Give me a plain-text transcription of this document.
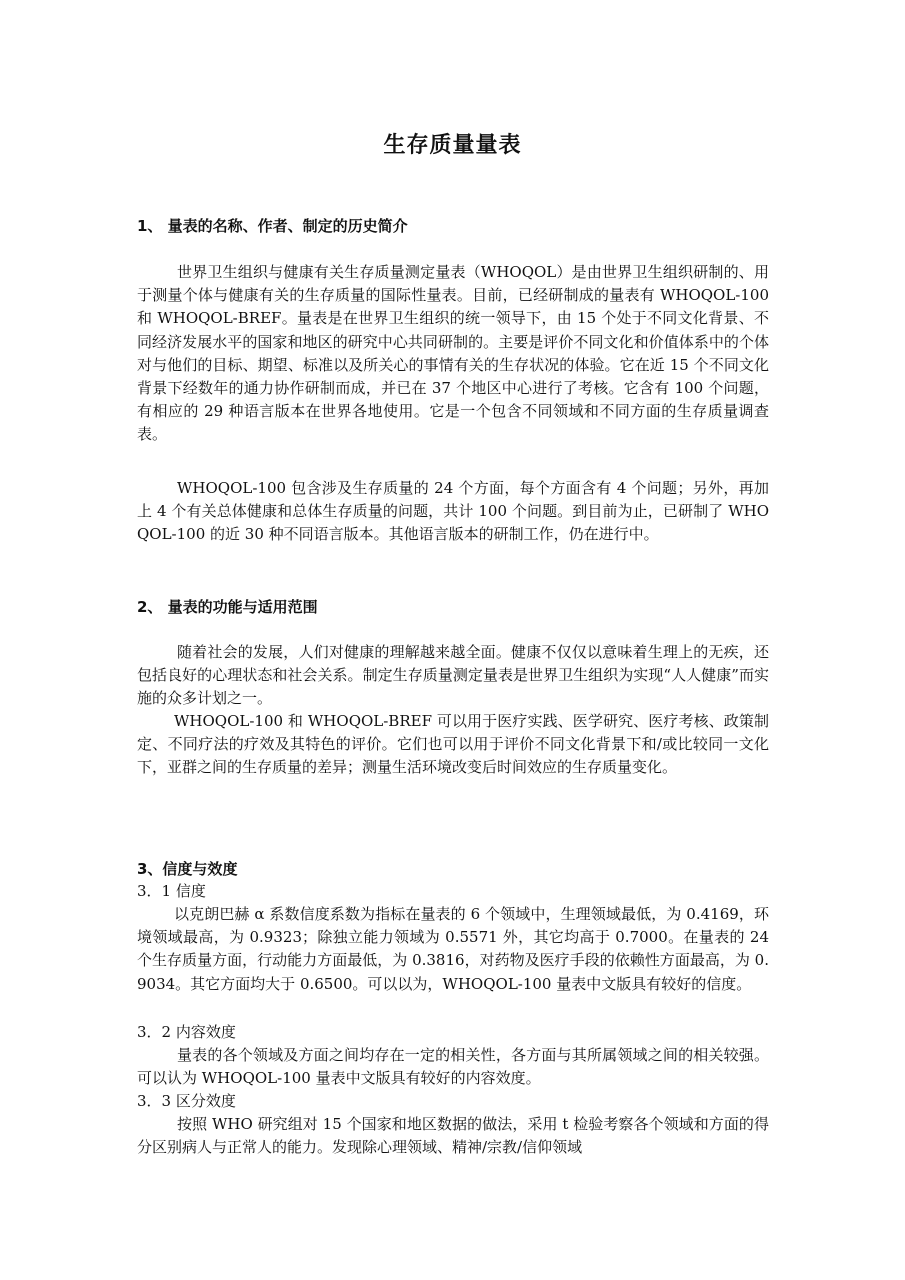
生存质量量表
1、 量表的名称、作者、制定的历史简介
世界卫生组织与健康有关生存质量测定量表（WHOQOL）是由世界卫生组织研制的、用于测量个体与健康有关的生存质量的国际性量表。目前，已经研制成的量表有 WHOQOL-100 和 WHOQOL-BREF。量表是在世界卫生组织的统一领导下，由 15 个处于不同文化背景、不同经济发展水平的国家和地区的研究中心共同研制的。主要是评价不同文化和价值体系中的个体对与他们的目标、期望、标准以及所关心的事情有关的生存状况的体验。它在近 15 个不同文化背景下经数年的通力协作研制而成，并已在 37 个地区中心进行了考核。它含有 100 个问题，有相应的 29 种语言版本在世界各地使用。它是一个包含不同领域和不同方面的生存质量调查表。
WHOQOL-100 包含涉及生存质量的 24 个方面，每个方面含有 4 个问题；另外，再加上 4 个有关总体健康和总体生存质量的问题，共计 100 个问题。到目前为止，已研制了 WHOQOL-100 的近 30 种不同语言版本。其他语言版本的研制工作，仍在进行中。
2、 量表的功能与适用范围
随着社会的发展，人们对健康的理解越来越全面。健康不仅仅以意味着生理上的无疾，还包括良好的心理状态和社会关系。制定生存质量测定量表是世界卫生组织为实现“人人健康”而实施的众多计划之一。
WHOQOL-100 和 WHOQOL-BREF 可以用于医疗实践、医学研究、医疗考核、政策制定、不同疗法的疗效及其特色的评价。它们也可以用于评价不同文化背景下和/或比较同一文化下，亚群之间的生存质量的差异；测量生活环境改变后时间效应的生存质量变化。
3、信度与效度
3．1 信度
以克朗巴赫 α 系数信度系数为指标在量表的 6 个领域中，生理领域最低，为 0.4169，环境领域最高，为 0.9323；除独立能力领域为 0.5571 外，其它均高于 0.7000。在量表的 24 个生存质量方面，行动能力方面最低，为 0.3816，对药物及医疗手段的依赖性方面最高，为 0.9034。其它方面均大于 0.6500。可以以为，WHOQOL-100 量表中文版具有较好的信度。
3．2 内容效度
量表的各个领域及方面之间均存在一定的相关性，各方面与其所属领域之间的相关较强。可以认为 WHOQOL-100 量表中文版具有较好的内容效度。
3．3 区分效度
按照 WHO 研究组对 15 个国家和地区数据的做法，采用 t 检验考察各个领域和方面的得分区别病人与正常人的能力。发现除心理领域、精神/宗教/信仰领域
